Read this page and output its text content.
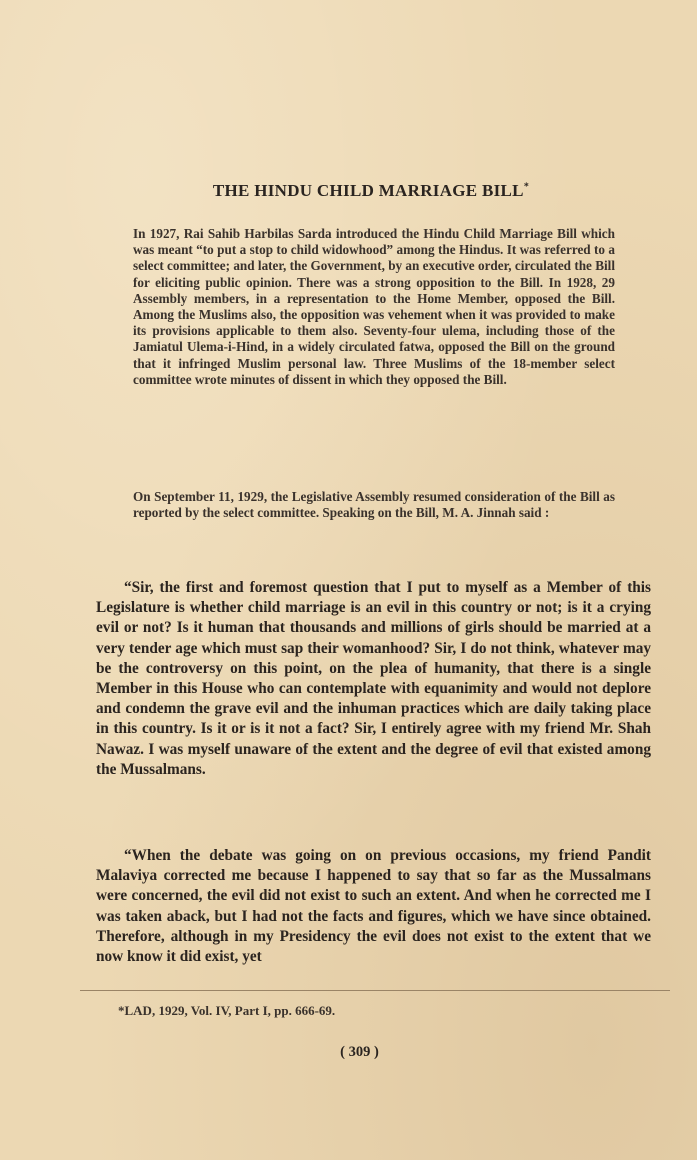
THE HINDU CHILD MARRIAGE BILL*

In 1927, Rai Sahib Harbilas Sarda introduced the Hindu Child Marriage Bill which was meant “to put a stop to child widowhood” among the Hindus. It was referred to a select committee; and later, the Government, by an executive order, circulated the Bill for eliciting public opinion. There was a strong opposition to the Bill. In 1928, 29 Assembly members, in a representation to the Home Member, opposed the Bill. Among the Muslims also, the opposition was vehement when it was provided to make its provisions applicable to them also. Seventy-four ulema, including those of the Jamiatul Ulema-i-Hind, in a widely circulated fatwa, opposed the Bill on the ground that it infringed Muslim personal law. Three Muslims of the 18-member select committee wrote minutes of dissent in which they opposed the Bill.

On September 11, 1929, the Legislative Assembly resumed consideration of the Bill as reported by the select committee. Speaking on the Bill, M. A. Jinnah said :

“Sir, the first and foremost question that I put to myself as a Member of this Legislature is whether child marriage is an evil in this country or not; is it a crying evil or not? Is it human that thousands and millions of girls should be married at a very tender age which must sap their womanhood? Sir, I do not think, whatever may be the controversy on this point, on the plea of humanity, that there is a single Member in this House who can contemplate with equanimity and would not deplore and condemn the grave evil and the inhuman practices which are daily taking place in this country. Is it or is it not a fact? Sir, I entirely agree with my friend Mr. Shah Nawaz. I was myself unaware of the extent and the degree of evil that existed among the Mussalmans.

“When the debate was going on on previous occasions, my friend Pandit Malaviya corrected me because I happened to say that so far as the Mussalmans were concerned, the evil did not exist to such an extent. And when he corrected me I was taken aback, but I had not the facts and figures, which we have since obtained. Therefore, although in my Presidency the evil does not exist to the extent that we now know it did exist, yet

*LAD, 1929, Vol. IV, Part I, pp. 666-69.

( 309 )
